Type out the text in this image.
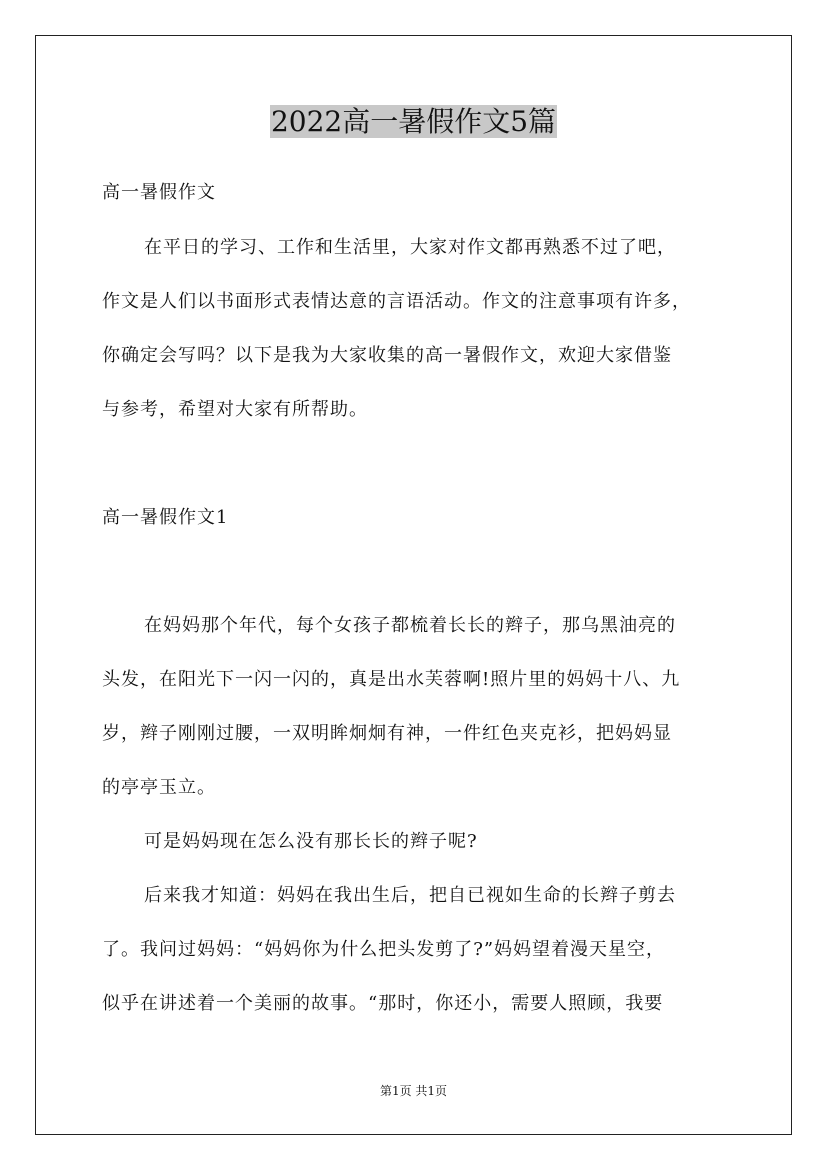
2022高一暑假作文5篇

高一暑假作文

在平日的学习、工作和生活里，大家对作文都再熟悉不过了吧，

作文是人们以书面形式表情达意的言语活动。作文的注意事项有许多，

你确定会写吗？以下是我为大家收集的高一暑假作文，欢迎大家借鉴

与参考，希望对大家有所帮助。

高一暑假作文1

在妈妈那个年代，每个女孩子都梳着长长的辫子，那乌黑油亮的

头发，在阳光下一闪一闪的，真是出水芙蓉啊!照片里的妈妈十八、九

岁，辫子刚刚过腰，一双明眸炯炯有神，一件红色夹克衫，把妈妈显

的亭亭玉立。

可是妈妈现在怎么没有那长长的辫子呢?

后来我才知道：妈妈在我出生后，把自已视如生命的长辫子剪去

了。我问过妈妈：“妈妈你为什么把头发剪了?”妈妈望着漫天星空，

似乎在讲述着一个美丽的故事。“那时，你还小，需要人照顾，我要

第1页 共1页
